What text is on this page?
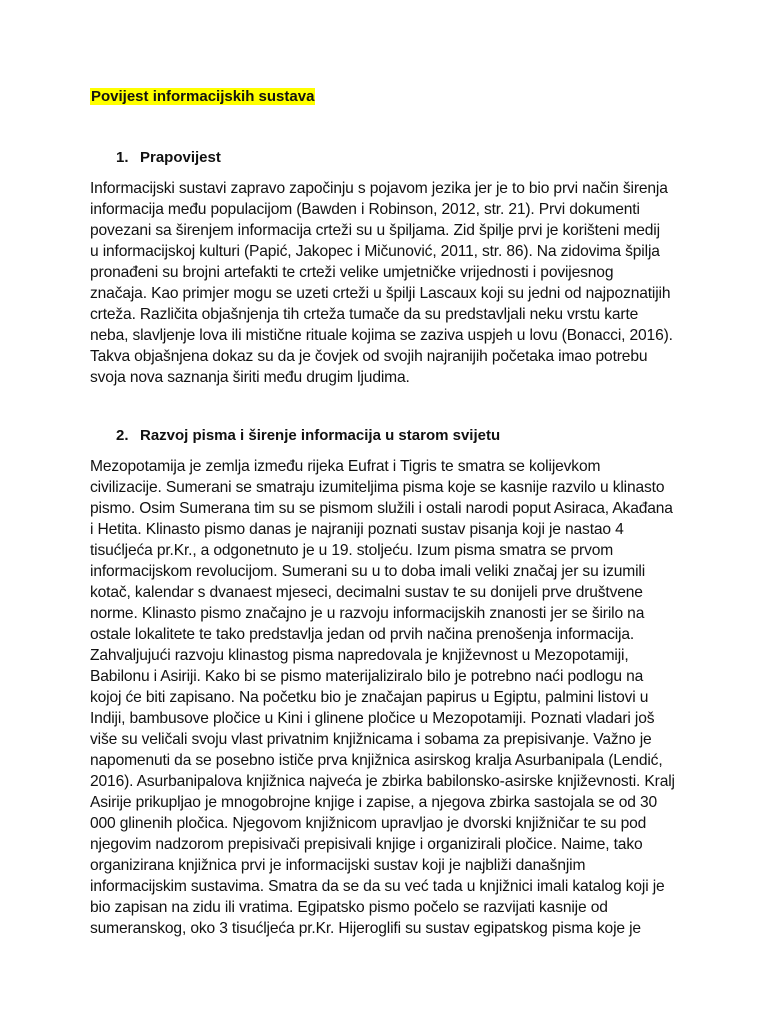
Povijest informacijskih sustava
1. Prapovijest
Informacijski sustavi zapravo započinju s pojavom jezika jer je to bio prvi način širenja
informacija među populacijom (Bawden i Robinson, 2012, str. 21). Prvi dokumenti
povezani sa širenjem informacija crteži su u špiljama. Zid špilje prvi je korišteni medij
u informacijskoj kulturi (Papić, Jakopec i Mičunović, 2011, str. 86). Na zidovima špilja
pronađeni su brojni artefakti te crteži velike umjetničke vrijednosti i povijesnog
značaja. Kao primjer mogu se uzeti crteži u špilji Lascaux koji su jedni od najpoznatijih
crteža. Različita objašnjenja tih crteža tumače da su predstavljali neku vrstu karte
neba, slavljenje lova ili mistične rituale kojima se zaziva uspjeh u lovu (Bonacci, 2016).
Takva objašnjena dokaz su da je čovjek od svojih najranijih početaka imao potrebu
svoja nova saznanja širiti među drugim ljudima.
2. Razvoj pisma i širenje informacija u starom svijetu
Mezopotamija je zemlja između rijeka Eufrat i Tigris te smatra se kolijevkom
civilizacije. Sumerani se smatraju izumiteljima pisma koje se kasnije razvilo u klinasto
pismo. Osim Sumerana tim su se pismom služili i ostali narodi poput Asiraca, Akađana
i Hetita. Klinasto pismo danas je najraniji poznati sustav pisanja koji je nastao 4
tisućljeća pr.Kr., a odgonetnuto je u 19. stoljeću. Izum pisma smatra se prvom
informacijskom revolucijom. Sumerani su u to doba imali veliki značaj jer su izumili
kotač, kalendar s dvanaest mjeseci, decimalni sustav te su donijeli prve društvene
norme. Klinasto pismo značajno je u razvoju informacijskih znanosti jer se širilo na
ostale lokalitete te tako predstavlja jedan od prvih načina prenošenja informacija.
Zahvaljujući razvoju klinastog pisma napredovala je književnost u Mezopotamiji,
Babilonu i Asiriji. Kako bi se pismo materijaliziralo bilo je potrebno naći podlogu na
kojoj će biti zapisano. Na početku bio je značajan papirus u Egiptu, palmini listovi u
Indiji, bambusove pločice u Kini i glinene pločice u Mezopotamiji. Poznati vladari još
više su veličali svoju vlast privatnim knjižnicama i sobama za prepisivanje. Važno je
napomenuti da se posebno ističe prva knjižnica asirskog kralja Asurbanipala (Lendić,
2016). Asurbanipalova knjižnica najveća je zbirka babilonsko-asirske književnosti. Kralj
Asirije prikupljao je mnogobrojne knjige i zapise, a njegova zbirka sastojala se od 30
000 glinenih pločica. Njegovom knjižnicom upravljao je dvorski knjižničar te su pod
njegovim nadzorom prepisivači prepisivali knjige i organizirali pločice. Naime, tako
organizirana knjižnica prvi je informacijski sustav koji je najbliži današnjim
informacijskim sustavima. Smatra da se da su već tada u knjižnici imali katalog koji je
bio zapisan na zidu ili vratima. Egipatsko pismo počelo se razvijati kasnije od
sumeranskog, oko 3 tisućljeća pr.Kr. Hijeroglifi su sustav egipatskog pisma koje je
